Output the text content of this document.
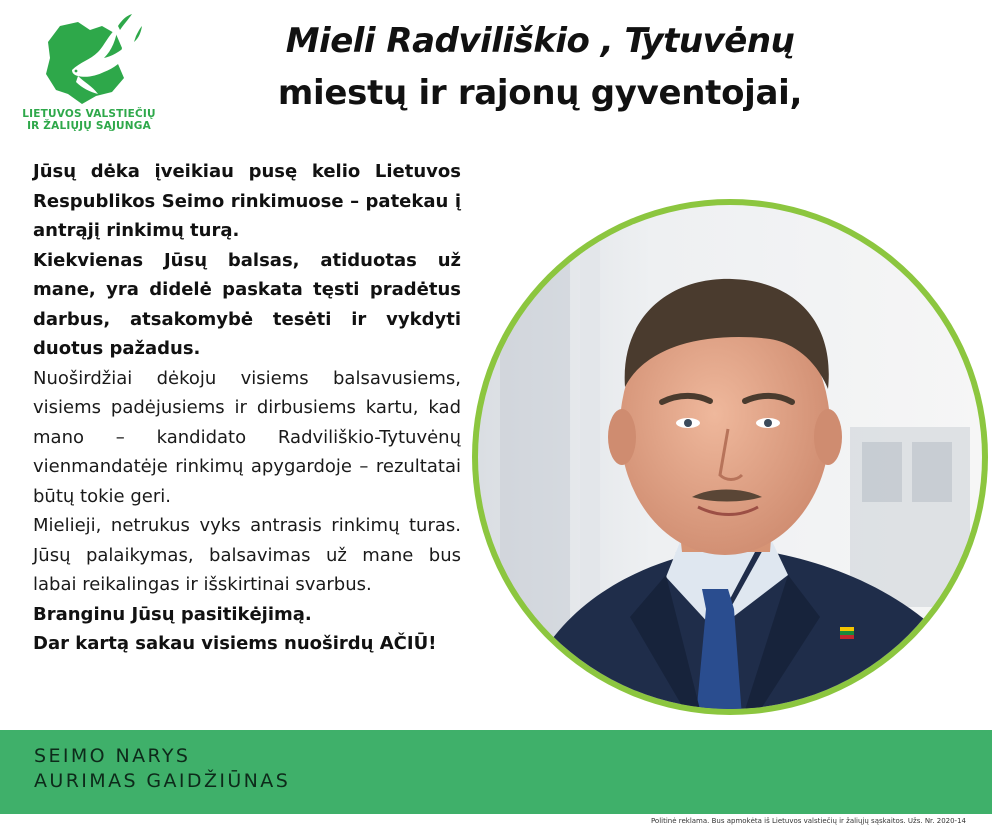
LIETUVOS VALSTIEČIŲ
IR ŽALIŲJŲ SĄJUNGA
Mieli Radviliškio , Tytuvėnų
miestų ir rajonų gyventojai,

Jūsų dėka įveikiau pusę kelio Lietuvos Respublikos Seimo rinkimuose – patekau į antrąjį rinkimų turą.

Kiekvienas Jūsų balsas, atiduotas už mane, yra didelė paskata tęsti pradėtus darbus, atsakomybė tesėti ir vykdyti duotus pažadus.

Nuoširdžiai dėkoju visiems balsavusiems, visiems padėjusiems ir dirbusiems kartu, kad mano – kandidato Radviliškio-Tytuvėnų vienmandatėje rinkimų apygardoje – rezultatai būtų tokie geri.

Mielieji, netrukus vyks antrasis rinkimų turas. Jūsų palaikymas, balsavimas už mane bus labai reikalingas ir išskirtinai svarbus.

Branginu Jūsų pasitikėjimą.

Dar kartą sakau visiems nuoširdų AČIŪ!

SEIMO NARYS
AURIMAS GAIDŽIŪNAS
Politinė reklama. Bus apmokėta iš Lietuvos valstiečių ir žaliųjų sąskaitos. Užs. Nr. 2020-14
